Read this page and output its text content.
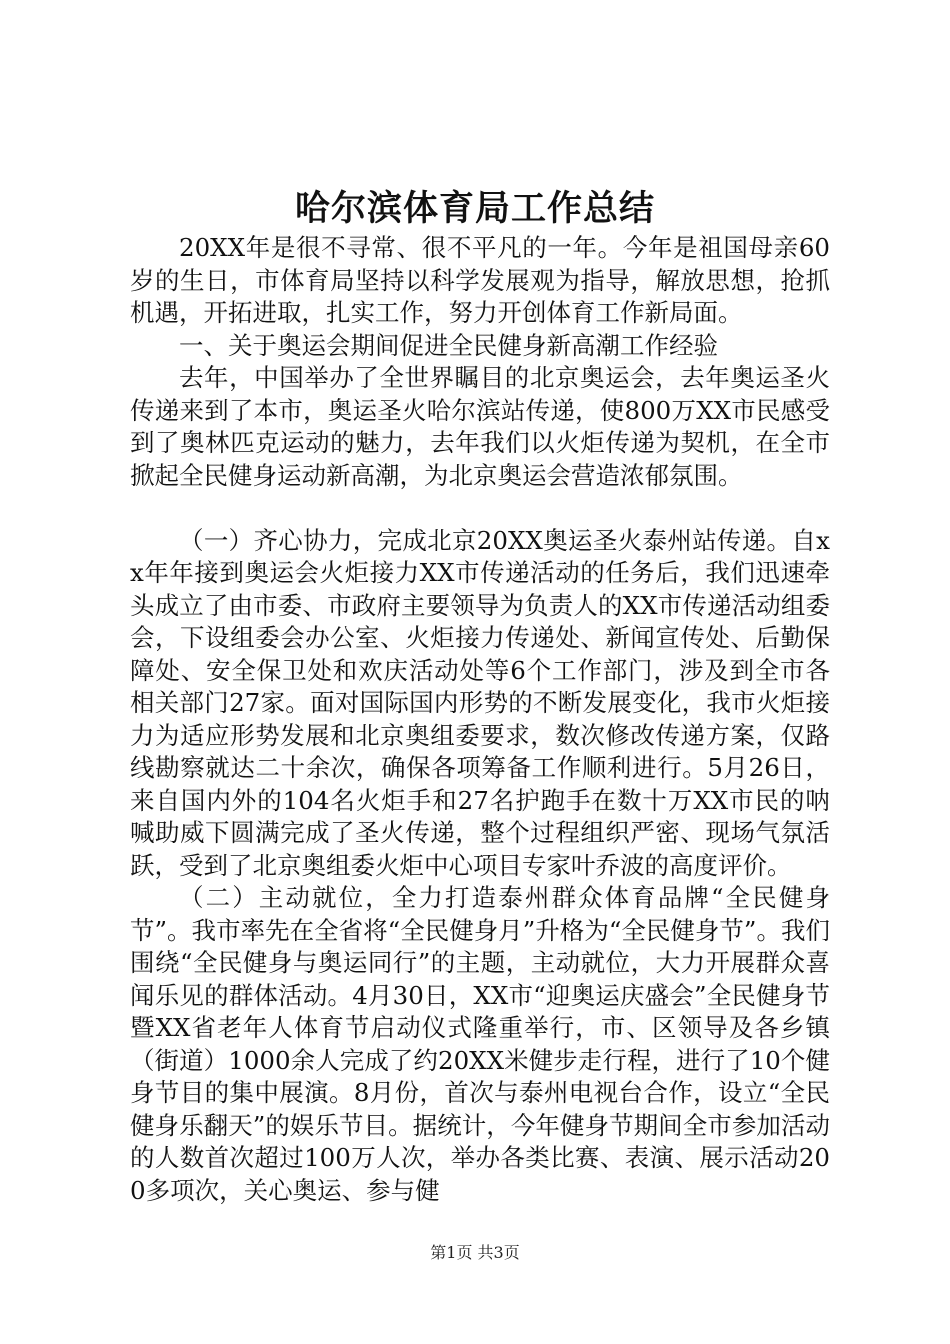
哈尔滨体育局工作总结

20XX年是很不寻常、很不平凡的一年。今年是祖国母亲60岁的生日，市体育局坚持以科学发展观为指导，解放思想，抢抓机遇，开拓进取，扎实工作，努力开创体育工作新局面。

一、关于奥运会期间促进全民健身新高潮工作经验

去年，中国举办了全世界瞩目的北京奥运会，去年奥运圣火传递来到了本市，奥运圣火哈尔滨站传递，使800万XX市民感受到了奥林匹克运动的魅力，去年我们以火炬传递为契机，在全市掀起全民健身运动新高潮，为北京奥运会营造浓郁氛围。

（一）齐心协力，完成北京20XX奥运圣火泰州站传递。自xx年年接到奥运会火炬接力XX市传递活动的任务后，我们迅速牵头成立了由市委、市政府主要领导为负责人的XX市传递活动组委会，下设组委会办公室、火炬接力传递处、新闻宣传处、后勤保障处、安全保卫处和欢庆活动处等6个工作部门，涉及到全市各相关部门27家。面对国际国内形势的不断发展变化，我市火炬接力为适应形势发展和北京奥组委要求，数次修改传递方案，仅路线勘察就达二十余次，确保各项筹备工作顺利进行。5月26日，来自国内外的104名火炬手和27名护跑手在数十万XX市民的呐喊助威下圆满完成了圣火传递，整个过程组织严密、现场气氛活跃，受到了北京奥组委火炬中心项目专家叶乔波的高度评价。

（二）主动就位，全力打造泰州群众体育品牌“全民健身节”。我市率先在全省将“全民健身月”升格为“全民健身节”。我们围绕“全民健身与奥运同行”的主题，主动就位，大力开展群众喜闻乐见的群体活动。4月30日，XX市“迎奥运庆盛会”全民健身节暨XX省老年人体育节启动仪式隆重举行，市、区领导及各乡镇（街道）1000余人完成了约20XX米健步走行程，进行了10个健身节目的集中展演。8月份，首次与泰州电视台合作，设立“全民健身乐翻天”的娱乐节目。据统计，今年健身节期间全市参加活动的人数首次超过100万人次，举办各类比赛、表演、展示活动200多项次，关心奥运、参与健

第1页 共3页
